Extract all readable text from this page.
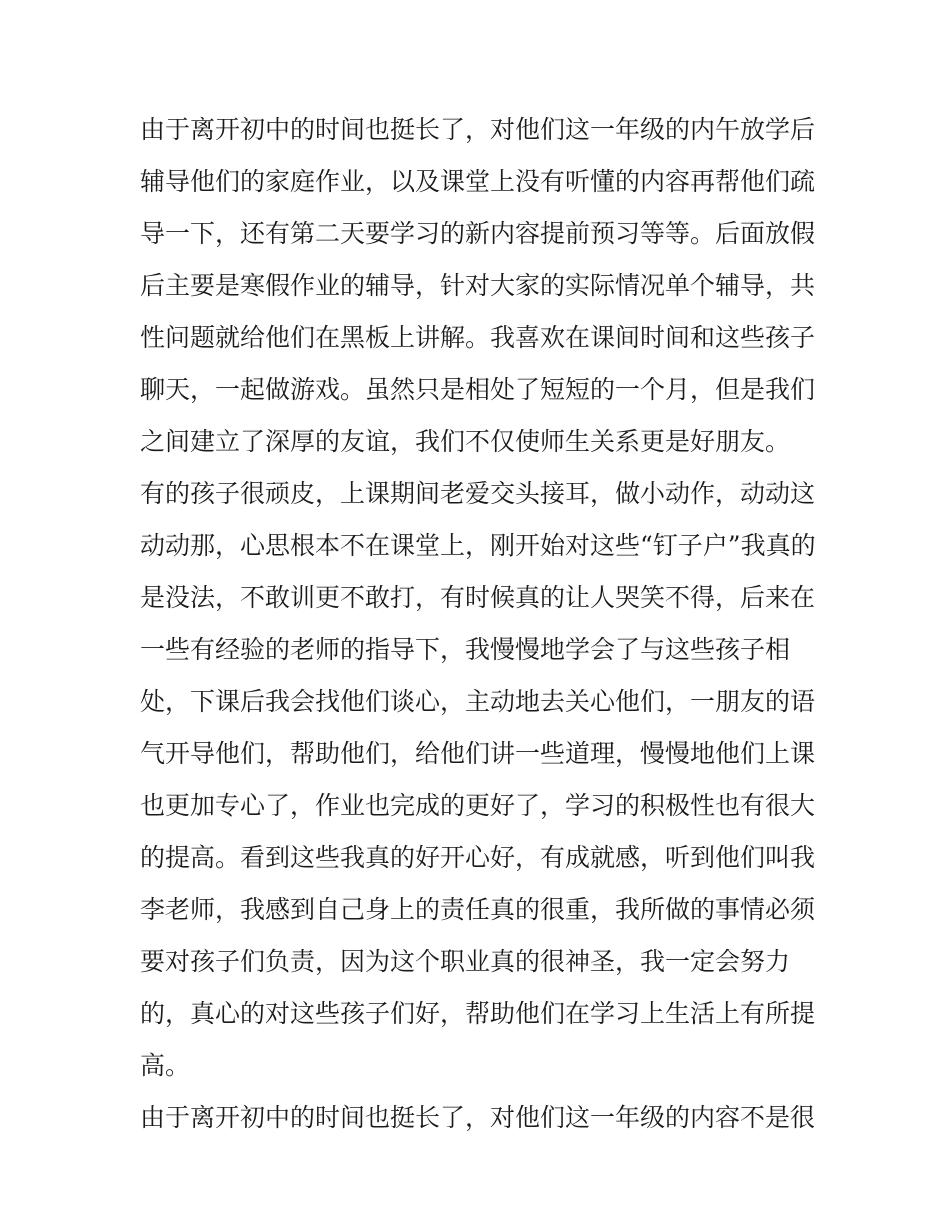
由于离开初中的时间也挺长了，对他们这一年级的内午放学后
辅导他们的家庭作业，以及课堂上没有听懂的内容再帮他们疏
导一下，还有第二天要学习的新内容提前预习等等。后面放假
后主要是寒假作业的辅导，针对大家的实际情况单个辅导，共
性问题就给他们在黑板上讲解。我喜欢在课间时间和这些孩子
聊天，一起做游戏。虽然只是相处了短短的一个月，但是我们
之间建立了深厚的友谊，我们不仅使师生关系更是好朋友。
有的孩子很顽皮，上课期间老爱交头接耳，做小动作，动动这
动动那，心思根本不在课堂上，刚开始对这些“钉子户”我真的
是没法，不敢训更不敢打，有时候真的让人哭笑不得，后来在
一些有经验的老师的指导下，我慢慢地学会了与这些孩子相
处，下课后我会找他们谈心，主动地去关心他们，一朋友的语
气开导他们，帮助他们，给他们讲一些道理，慢慢地他们上课
也更加专心了，作业也完成的更好了，学习的积极性也有很大
的提高。看到这些我真的好开心好，有成就感，听到他们叫我
李老师，我感到自己身上的责任真的很重，我所做的事情必须
要对孩子们负责，因为这个职业真的很神圣，我一定会努力
的，真心的对这些孩子们好，帮助他们在学习上生活上有所提
高。
由于离开初中的时间也挺长了，对他们这一年级的内容不是很
